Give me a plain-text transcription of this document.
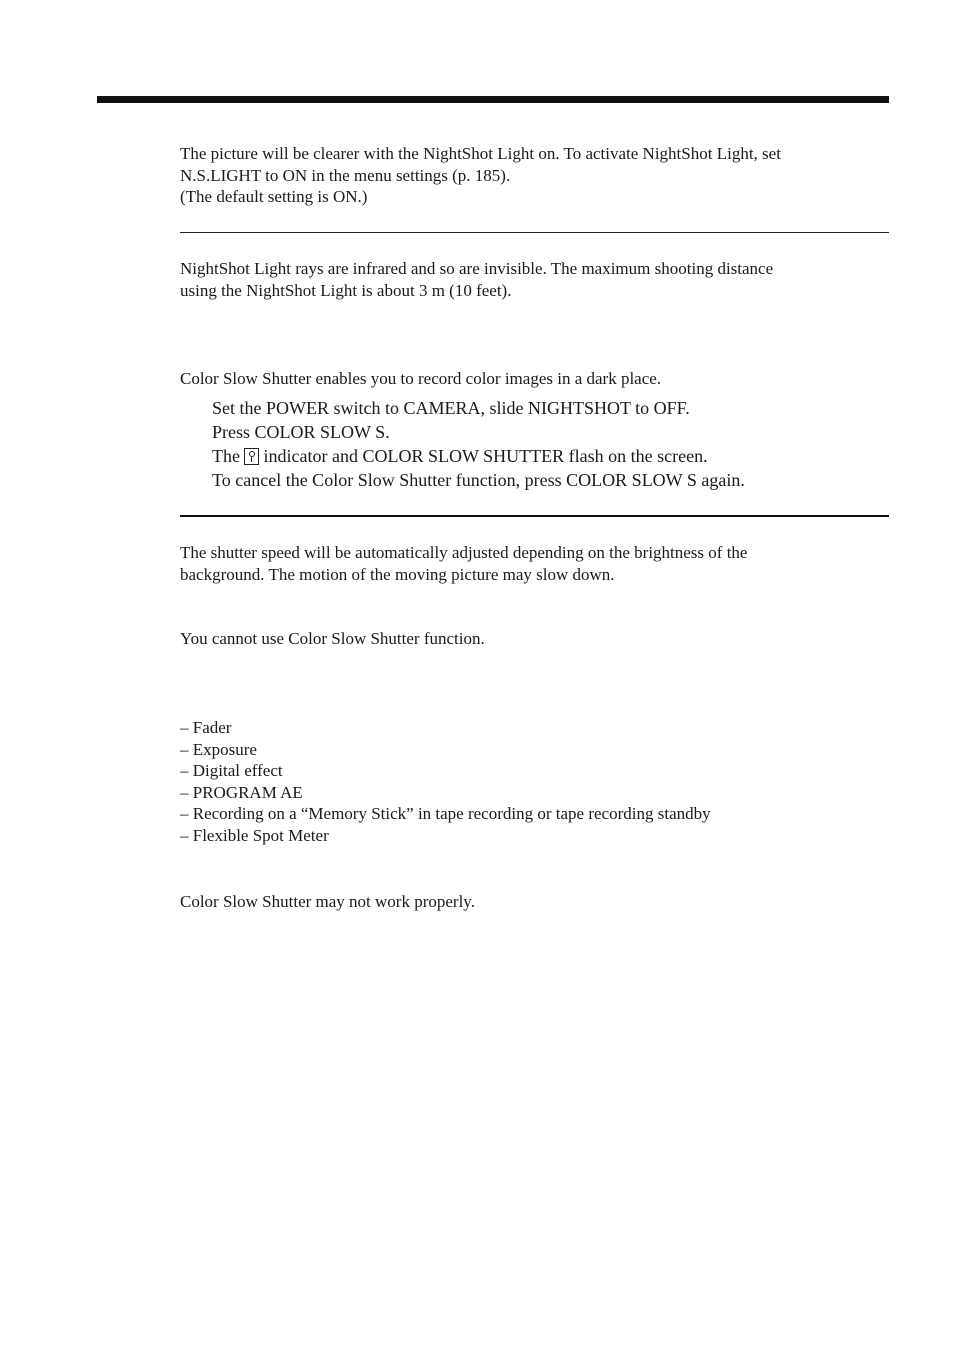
The picture will be clearer with the NightShot Light on. To activate NightShot Light, set
N.S.LIGHT to ON in the menu settings (p. 185).
(The default setting is ON.)

NightShot Light rays are infrared and so are invisible. The maximum shooting distance
using the NightShot Light is about 3 m (10 feet).

Color Slow Shutter enables you to record color images in a dark place.

Set the POWER switch to CAMERA, slide NIGHTSHOT to OFF.

Press COLOR SLOW S.

The indicator and COLOR SLOW SHUTTER flash on the screen.

To cancel the Color Slow Shutter function, press COLOR SLOW S again.

The shutter speed will be automatically adjusted depending on the brightness of the
background. The motion of the moving picture may slow down.

You cannot use Color Slow Shutter function.

– Fader
– Exposure
– Digital effect
– PROGRAM AE
– Recording on a “Memory Stick” in tape recording or tape recording standby
– Flexible Spot Meter

Color Slow Shutter may not work properly.
